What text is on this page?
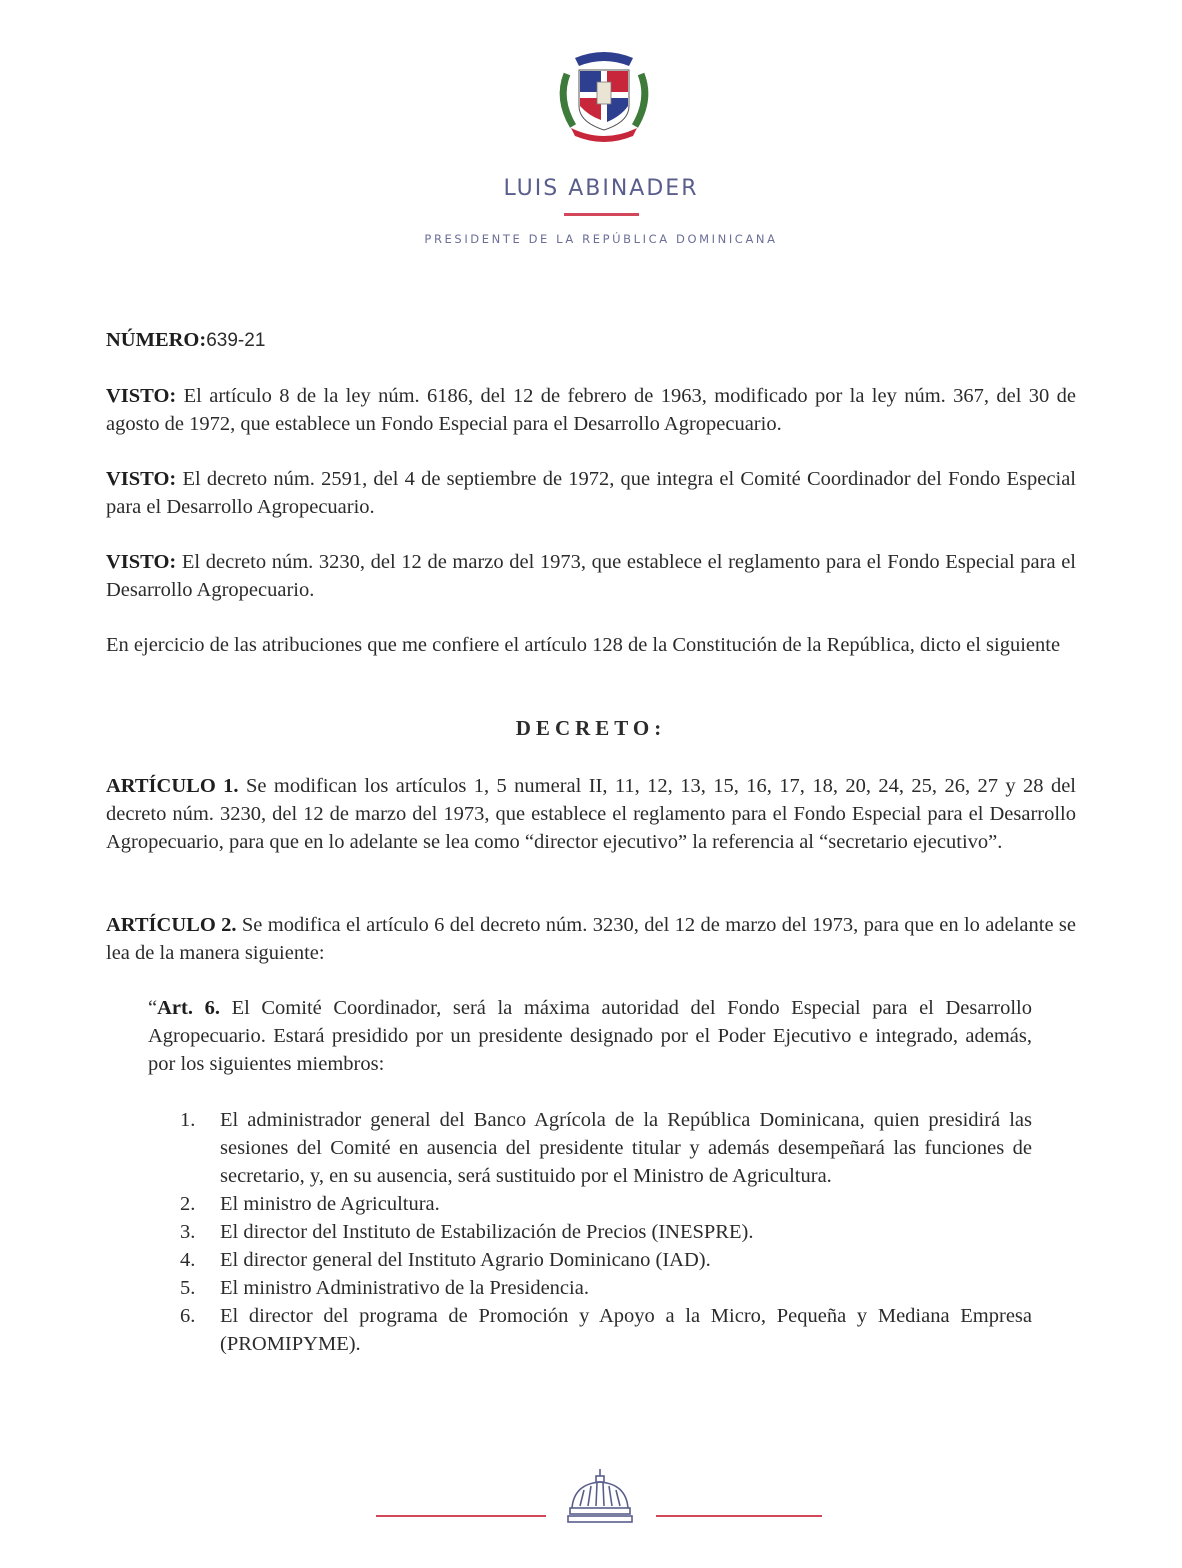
LUIS ABINADER
PRESIDENTE DE LA REPÚBLICA DOMINICANA
NÚMERO:639-21
VISTO: El artículo 8 de la ley núm. 6186, del 12 de febrero de 1963, modificado por la ley núm. 367, del 30 de agosto de 1972, que establece un Fondo Especial para el Desarrollo Agropecuario.
VISTO: El decreto núm. 2591, del 4 de septiembre de 1972, que integra el Comité Coordinador del Fondo Especial para el Desarrollo Agropecuario.
VISTO: El decreto núm. 3230, del 12 de marzo del 1973, que establece el reglamento para el Fondo Especial para el Desarrollo Agropecuario.
En ejercicio de las atribuciones que me confiere el artículo 128 de la Constitución de la República, dicto el siguiente
DECRETO:
ARTÍCULO 1. Se modifican los artículos 1, 5 numeral II, 11, 12, 13, 15, 16, 17, 18, 20, 24, 25, 26, 27 y 28 del decreto núm. 3230, del 12 de marzo del 1973, que establece el reglamento para el Fondo Especial para el Desarrollo Agropecuario, para que en lo adelante se lea como “director ejecutivo” la referencia al “secretario ejecutivo”.
ARTÍCULO 2. Se modifica el artículo 6 del decreto núm. 3230, del 12 de marzo del 1973, para que en lo adelante se lea de la manera siguiente:
“Art. 6. El Comité Coordinador, será la máxima autoridad del Fondo Especial para el Desarrollo Agropecuario. Estará presidido por un presidente designado por el Poder Ejecutivo e integrado, además, por los siguientes miembros:
1.	El administrador general del Banco Agrícola de la República Dominicana, quien presidirá las sesiones del Comité en ausencia del presidente titular y además desempeñará las funciones de secretario, y, en su ausencia, será sustituido por el Ministro de Agricultura.
2.	El ministro de Agricultura.
3.	El director del Instituto de Estabilización de Precios (INESPRE).
4.	El director general del Instituto Agrario Dominicano (IAD).
5.	El ministro Administrativo de la Presidencia.
6.	El director del programa de Promoción y Apoyo a la Micro, Pequeña y Mediana Empresa (PROMIPYME).
